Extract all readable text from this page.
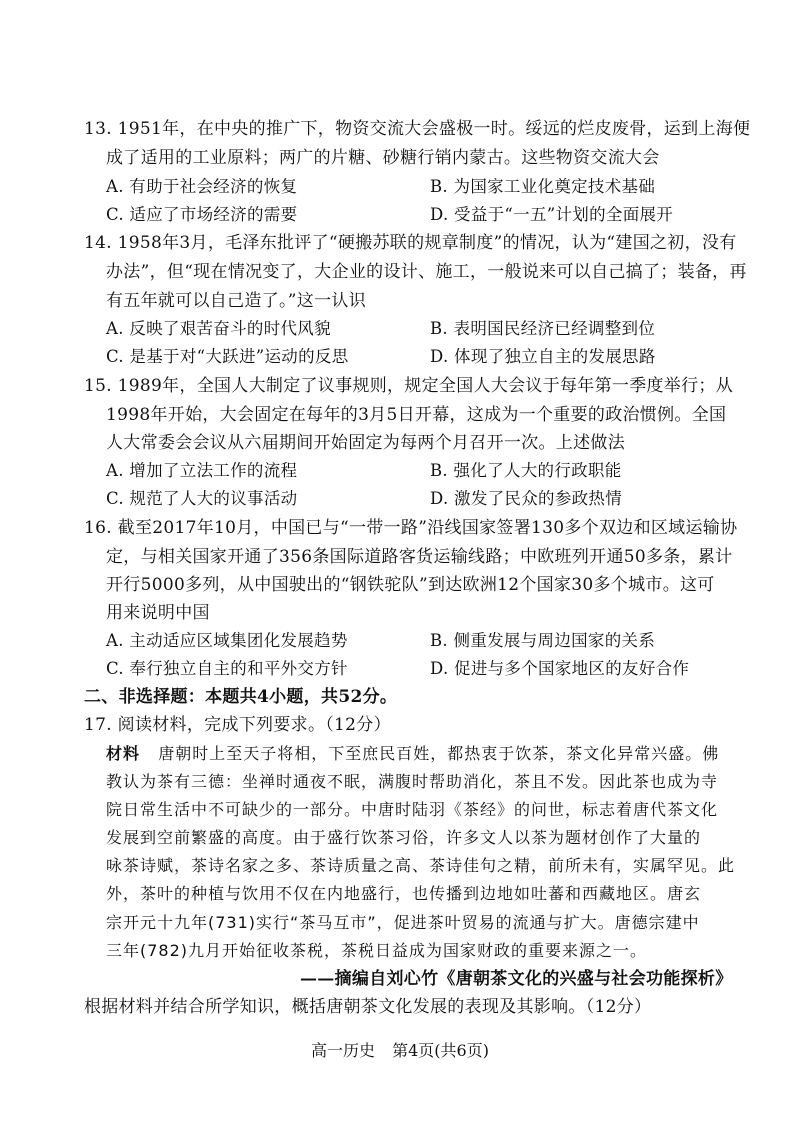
13. 1951年，在中央的推广下，物资交流大会盛极一时。绥远的烂皮废骨，运到上海便
成了适用的工业原料；两广的片糖、砂糖行销内蒙古。这些物资交流大会
A. 有助于社会经济的恢复	B. 为国家工业化奠定技术基础
C. 适应了市场经济的需要	D. 受益于“一五”计划的全面展开
14. 1958年3月，毛泽东批评了“硬搬苏联的规章制度”的情况，认为“建国之初，没有
办法”，但“现在情况变了，大企业的设计、施工，一般说来可以自己搞了；装备，再
有五年就可以自己造了。”这一认识
A. 反映了艰苦奋斗的时代风貌	B. 表明国民经济已经调整到位
C. 是基于对“大跃进”运动的反思	D. 体现了独立自主的发展思路
15. 1989年，全国人大制定了议事规则，规定全国人大会议于每年第一季度举行；从
1998年开始，大会固定在每年的3月5日开幕，这成为一个重要的政治惯例。全国
人大常委会会议从六届期间开始固定为每两个月召开一次。上述做法
A. 增加了立法工作的流程	B. 强化了人大的行政职能
C. 规范了人大的议事活动	D. 激发了民众的参政热情
16. 截至2017年10月，中国已与“一带一路”沿线国家签署130多个双边和区域运输协
定，与相关国家开通了356条国际道路客货运输线路；中欧班列开通50多条，累计
开行5000多列，从中国驶出的“钢铁驼队”到达欧洲12个国家30多个城市。这可
用来说明中国
A. 主动适应区域集团化发展趋势	B. 侧重发展与周边国家的关系
C. 奉行独立自主的和平外交方针	D. 促进与多个国家地区的友好合作
二、非选择题：本题共4小题，共52分。
17. 阅读材料，完成下列要求。（12分）
材料 唐朝时上至天子将相，下至庶民百姓，都热衷于饮茶，茶文化异常兴盛。佛
教认为茶有三德：坐禅时通夜不眠，满腹时帮助消化，茶且不发。因此茶也成为寺
院日常生活中不可缺少的一部分。中唐时陆羽《茶经》的问世，标志着唐代茶文化
发展到空前繁盛的高度。由于盛行饮茶习俗，许多文人以茶为题材创作了大量的
咏茶诗赋，茶诗名家之多、茶诗质量之高、茶诗佳句之精，前所未有，实属罕见。此
外，茶叶的种植与饮用不仅在内地盛行，也传播到边地如吐蕃和西藏地区。唐玄
宗开元十九年(731)实行“茶马互市”，促进茶叶贸易的流通与扩大。唐德宗建中
三年(782)九月开始征收茶税，茶税日益成为国家财政的重要来源之一。
——摘编自刘心竹《唐朝茶文化的兴盛与社会功能探析》
根据材料并结合所学知识，概括唐朝茶文化发展的表现及其影响。（12分）
高一历史 第4页(共6页)
